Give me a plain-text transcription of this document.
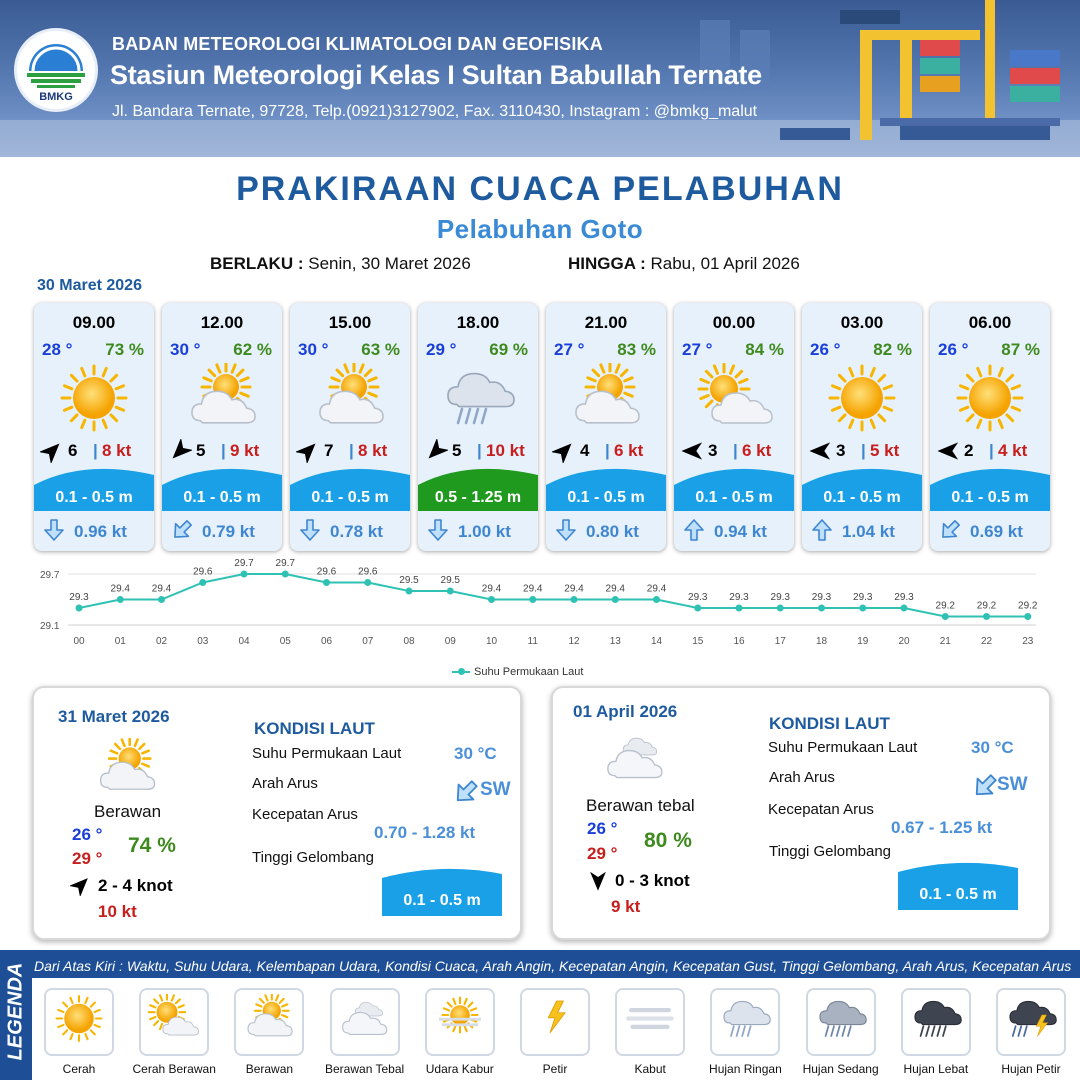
BMKG
BADAN METEOROLOGI KLIMATOLOGI DAN GEOFISIKA
Stasiun Meteorologi Kelas I Sultan Babullah Ternate
Jl. Bandara Ternate, 97728, Telp.(0921)3127902, Fax. 3110430, Instagram : @bmkg_malut
PRAKIRAAN CUACA PELABUHAN
Pelabuhan Goto
BERLAKU : Senin, 30 Maret 2026	HINGGA : Rabu, 01 April 2026
30 Maret 2026
09.00
28 ° 73 %
6 | 8 kt
0.1 - 0.5 m
0.96 kt
12.00
30 ° 62 %
5 | 9 kt
0.1 - 0.5 m
0.79 kt
15.00
30 ° 63 %
7 | 8 kt
0.1 - 0.5 m
0.78 kt
18.00
29 ° 69 %
5 | 10 kt
0.5 - 1.25 m
1.00 kt
21.00
27 ° 83 %
4 | 6 kt
0.1 - 0.5 m
0.80 kt
00.00
27 ° 84 %
3 | 6 kt
0.1 - 0.5 m
0.94 kt
03.00
26 ° 82 %
3 | 5 kt
0.1 - 0.5 m
1.04 kt
06.00
26 ° 87 %
2 | 4 kt
0.1 - 0.5 m
0.69 kt
29.7
29.1
29.3
00
29.4
01
29.4
02
29.6
03
29.7
04
29.7
05
29.6
06
29.6
07
29.5
08
29.5
09
29.4
10
29.4
11
29.4
12
29.4
13
29.4
14
29.3
15
29.3
16
29.3
17
29.3
18
29.3
19
29.3
20
29.2
21
29.2
22
29.2
23
Suhu Permukaan Laut
31 Maret 2026
Berawan
26 °
29 °
74 %
2 - 4 knot
10 kt
KONDISI LAUT
Suhu Permukaan Laut	30 °C
Arah Arus	SW
Kecepatan Arus
0.70 - 1.28 kt
Tinggi Gelombang
0.1 - 0.5 m
01 April 2026
Berawan tebal
26 °
29 °
80 %
0 - 3 knot
9 kt
KONDISI LAUT
Suhu Permukaan Laut	30 °C
Arah Arus	SW
Kecepatan Arus
0.67 - 1.25 kt
Tinggi Gelombang
0.1 - 0.5 m
LEGENDA Dari Atas Kiri : Waktu, Suhu Udara, Kelembapan Udara, Kondisi Cuaca, Arah Angin, Kecepatan Angin, Kecepatan Gust, Tinggi Gelombang, Arah Arus, Kecepatan Arus
Cerah	Cerah Berawan	Berawan	Berawan Tebal	Udara Kabur	Petir	Kabut	Hujan Ringan	Hujan Sedang	Hujan Lebat	Hujan Petir
